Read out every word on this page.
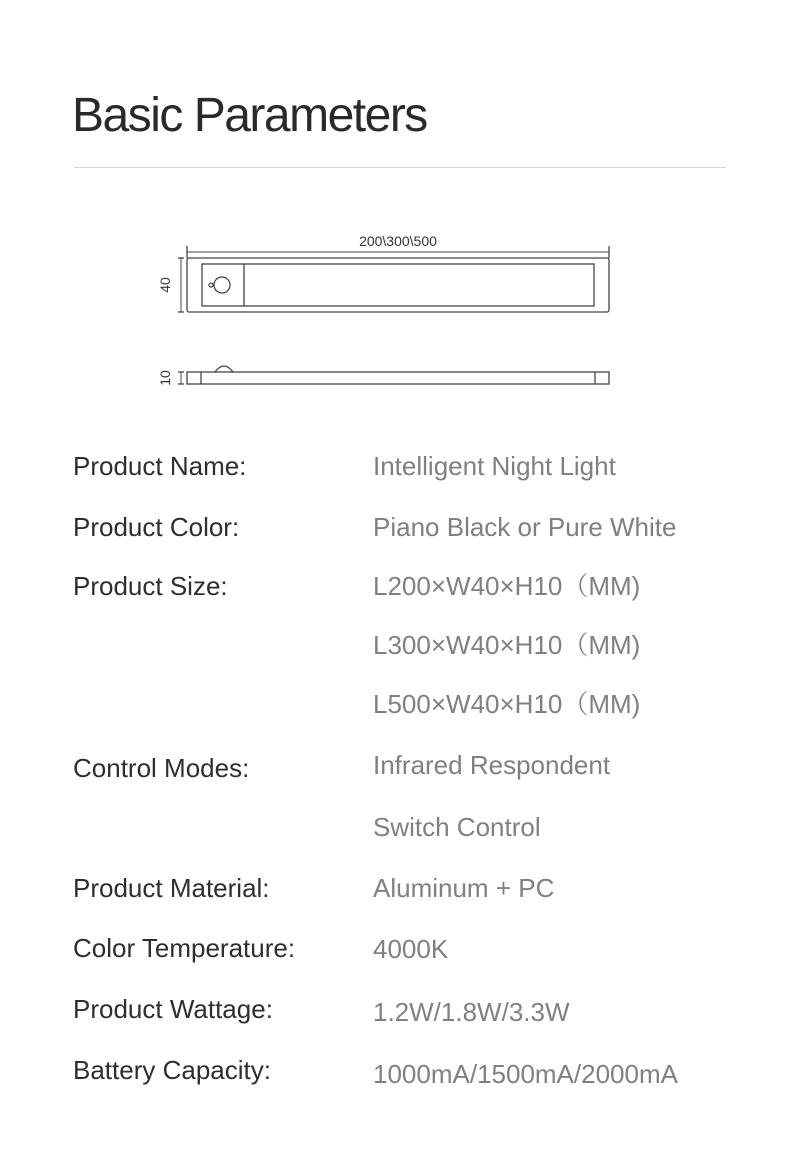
Basic Parameters
200\300\500
40
10
Product Name:	Intelligent Night Light
Product Color:	Piano Black or Pure White
Product Size:	L200×W40×H10（MM)
L300×W40×H10（MM)
L500×W40×H10（MM)
Control Modes:	Infrared Respondent
Switch Control
Product Material:	Aluminum + PC
Color Temperature:	4000K
Product Wattage:	1.2W/1.8W/3.3W
Battery Capacity:	1000mA/1500mA/2000mA
